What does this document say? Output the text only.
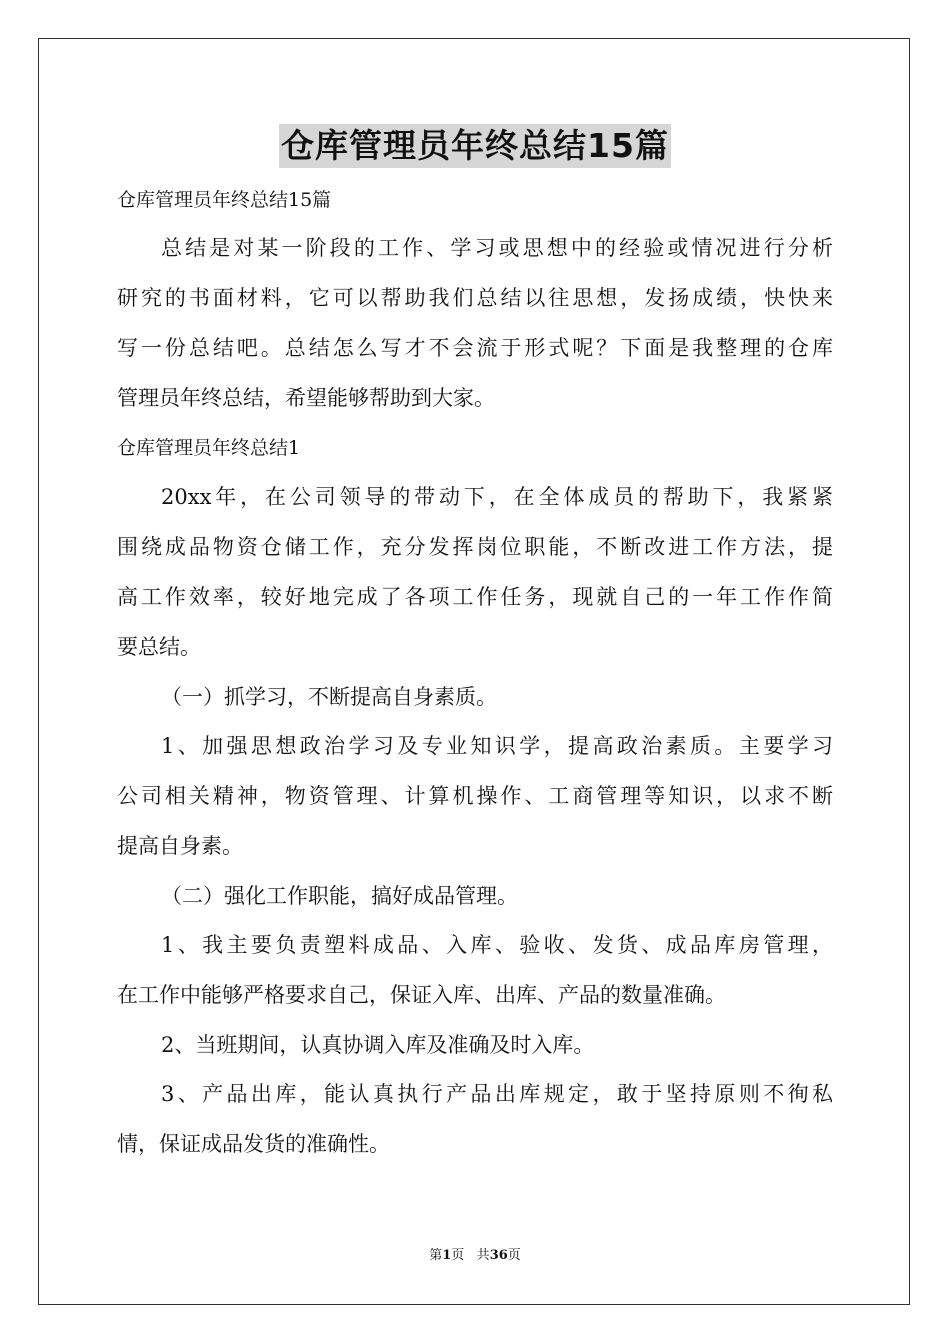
仓库管理员年终总结15篇
仓库管理员年终总结15篇
总结是对某一阶段的工作、学习或思想中的经验或情况进行分析
研究的书面材料，它可以帮助我们总结以往思想，发扬成绩，快快来
写一份总结吧。总结怎么写才不会流于形式呢？下面是我整理的仓库
管理员年终总结，希望能够帮助到大家。
仓库管理员年终总结1
20xx年，在公司领导的带动下，在全体成员的帮助下，我紧紧
围绕成品物资仓储工作，充分发挥岗位职能，不断改进工作方法，提
高工作效率，较好地完成了各项工作任务，现就自己的一年工作作简
要总结。
（一）抓学习，不断提高自身素质。
1、加强思想政治学习及专业知识学，提高政治素质。主要学习
公司相关精神，物资管理、计算机操作、工商管理等知识，以求不断
提高自身素。
（二）强化工作职能，搞好成品管理。
1、我主要负责塑料成品、入库、验收、发货、成品库房管理，
在工作中能够严格要求自己，保证入库、出库、产品的数量准确。
2、当班期间，认真协调入库及准确及时入库。
3、产品出库，能认真执行产品出库规定，敢于坚持原则不徇私
情，保证成品发货的准确性。
第1页 共36页
